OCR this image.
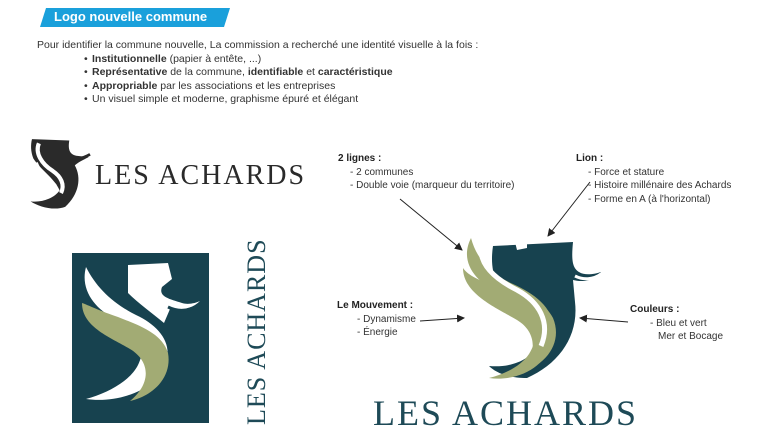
Logo nouvelle commune
Pour identifier la commune nouvelle, La commission a recherché une identité visuelle à la fois :
• Institutionnelle (papier à entête, ...)
• Représentative de la commune, identifiable et caractéristique
• Appropriable par les associations et les entreprises
• Un visuel simple et moderne, graphisme épuré et élégant
LES ACHARDS
LES ACHARDS	LES ACHARDS
2 lignes :
- 2 communes
- Double voie (marqueur du territoire)
Lion :
- Force et stature
- Histoire millénaire des Achards
- Forme en A (à l'horizontal)
Le Mouvement :
- Dynamisme
- Énergie
Couleurs :
- Bleu et vert
Mer et Bocage
